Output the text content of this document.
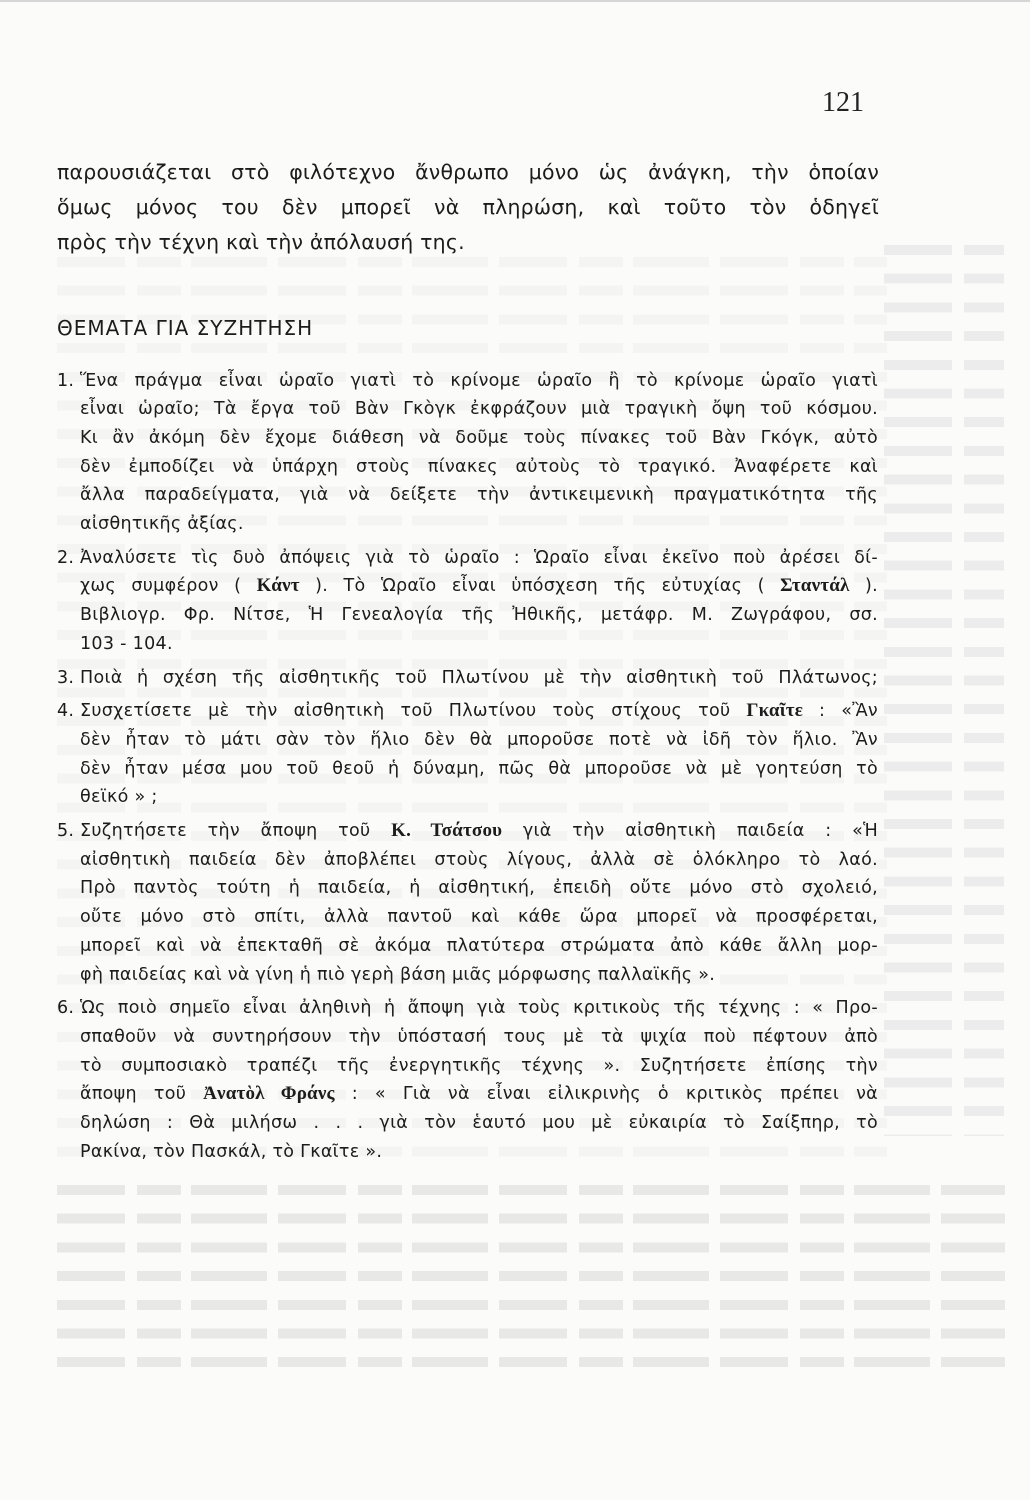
121
παρουσιάζεται στὸ φιλότεχνο ἄνθρωπο μόνο ὡς ἀνάγκη, τὴν ὁποίαν
ὅμως μόνος του δὲν μπορεῖ νὰ πληρώση, καὶ τοῦτο τὸν ὁδηγεῖ
πρὸς τὴν τέχνη καὶ τὴν ἀπόλαυσή της.
ΘΕΜΑΤΑ ΓΙΑ ΣΥΖΗΤΗΣΗ
1. Ἕνα πράγμα εἶναι ὡραῖο γιατὶ τὸ κρίνομε ὡραῖο ἢ τὸ κρίνομε ὡραῖο γιατὶ
εἶναι ὡραῖο; Τὰ ἔργα τοῦ Βὰν Γκὸγκ ἐκφράζουν μιὰ τραγικὴ ὄψη τοῦ κόσμου.
Κι ἂν ἀκόμη δὲν ἔχομε διάθεση νὰ δοῦμε τοὺς πίνακες τοῦ Βὰν Γκόγκ, αὐτὸ
δὲν ἐμποδίζει νὰ ὑπάρχη στοὺς πίνακες αὐτοὺς τὸ τραγικό. Ἀναφέρετε καὶ
ἄλλα παραδείγματα, γιὰ νὰ δείξετε τὴν ἀντικειμενικὴ πραγματικότητα τῆς
αἰσθητικῆς ἀξίας.
2. Ἀναλύσετε τὶς δυὸ ἀπόψεις γιὰ τὸ ὡραῖο : Ὡραῖο εἶναι ἐκεῖνο ποὺ ἀρέσει δί-
χως συμφέρον ( Κάντ ). Τὸ Ὡραῖο εἶναι ὑπόσχεση τῆς εὐτυχίας ( Σταντάλ ).
Βιβλιογρ. Φρ. Νίτσε, Ἡ Γενεαλογία τῆς Ἠθικῆς, μετάφρ. Μ. Ζωγράφου, σσ.
103 - 104.
3. Ποιὰ ἡ σχέση τῆς αἰσθητικῆς τοῦ Πλωτίνου μὲ τὴν αἰσθητικὴ τοῦ Πλάτωνος;
4. Συσχετίσετε μὲ τὴν αἰσθητικὴ τοῦ Πλωτίνου τοὺς στίχους τοῦ Γκαῖτε : «Ἂν
δὲν ἦταν τὸ μάτι σὰν τὸν ἥλιο δὲν θὰ μποροῦσε ποτὲ νὰ ἰδῆ τὸν ἥλιο. Ἂν
δὲν ἦταν μέσα μου τοῦ θεοῦ ἡ δύναμη, πῶς θὰ μποροῦσε νὰ μὲ γοητεύση τὸ
θεϊκό » ;
5. Συζητήσετε τὴν ἄποψη τοῦ Κ. Τσάτσου γιὰ τὴν αἰσθητικὴ παιδεία : «Ἡ
αἰσθητικὴ παιδεία δὲν ἀποβλέπει στοὺς λίγους, ἀλλὰ σὲ ὁλόκληρο τὸ λαό.
Πρὸ παντὸς τούτη ἡ παιδεία, ἡ αἰσθητική, ἐπειδὴ οὔτε μόνο στὸ σχολειό,
οὔτε μόνο στὸ σπίτι, ἀλλὰ παντοῦ καὶ κάθε ὥρα μπορεῖ νὰ προσφέρεται,
μπορεῖ καὶ νὰ ἐπεκταθῆ σὲ ἀκόμα πλατύτερα στρώματα ἀπὸ κάθε ἄλλη μορ-
φὴ παιδείας καὶ νὰ γίνη ἡ πιὸ γερὴ βάση μιᾶς μόρφωσης παλλαϊκῆς ».
6. Ὡς ποιὸ σημεῖο εἶναι ἀληθινὴ ἡ ἄποψη γιὰ τοὺς κριτικοὺς τῆς τέχνης : « Προ-
σπαθοῦν νὰ συντηρήσουν τὴν ὑπόστασή τους μὲ τὰ ψιχία ποὺ πέφτουν ἀπὸ
τὸ συμποσιακὸ τραπέζι τῆς ἐνεργητικῆς τέχνης ». Συζητήσετε ἐπίσης τὴν
ἄποψη τοῦ Ἀνατὸλ Φράνς : « Γιὰ νὰ εἶναι εἰλικρινὴς ὁ κριτικὸς πρέπει νὰ
δηλώση : Θὰ μιλήσω . . . γιὰ τὸν ἑαυτό μου μὲ εὐκαιρία τὸ Σαίξπηρ, τὸ
Ρακίνα, τὸν Πασκάλ, τὸ Γκαῖτε ».
